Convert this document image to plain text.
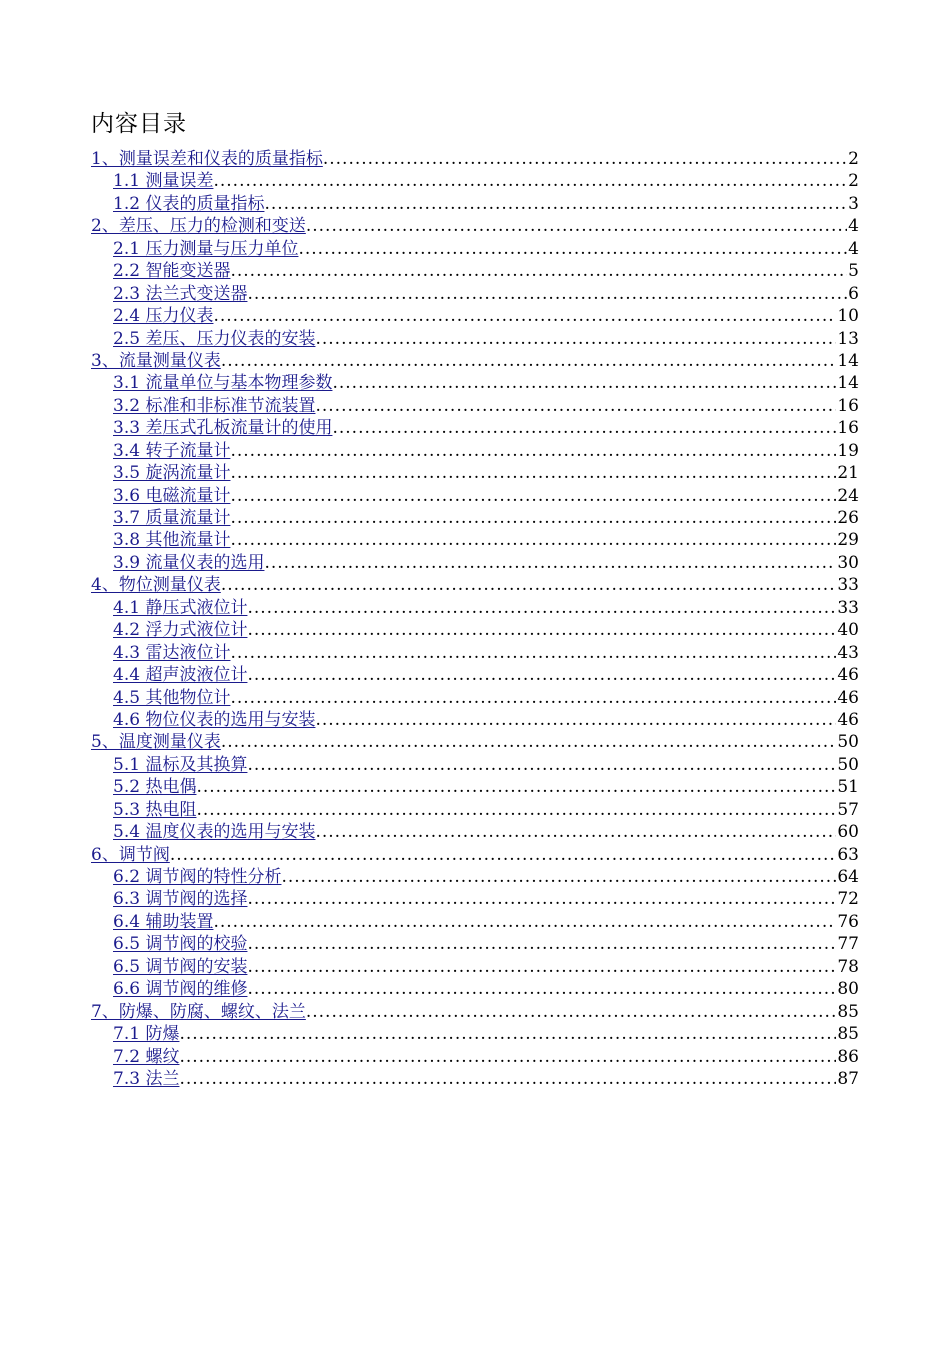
内容目录
1、测量误差和仪表的质量指标 .....	2
1.1 测量误差 .....	2
1.2 仪表的质量指标 .....	3
2、差压、压力的检测和变送 .....	4
2.1 压力测量与压力单位 .....	4
2.2 智能变送器 .....	5
2.3 法兰式变送器 .....	6
2.4 压力仪表 .....	10
2.5 差压、压力仪表的安装 .....	13
3、流量测量仪表 .....	14
3.1 流量单位与基本物理参数 .....	14
3.2 标准和非标准节流装置 .....	16
3.3 差压式孔板流量计的使用 .....	16
3.4 转子流量计 .....	19
3.5 旋涡流量计 .....	21
3.6 电磁流量计 .....	24
3.7 质量流量计 .....	26
3.8 其他流量计 .....	29
3.9 流量仪表的选用 .....	30
4、物位测量仪表 .....	33
4.1 静压式液位计 .....	33
4.2 浮力式液位计 .....	40
4.3 雷达液位计 .....	43
4.4 超声波液位计 .....	46
4.5 其他物位计 .....	46
4.6 物位仪表的选用与安装 .....	46
5、温度测量仪表 .....	50
5.1 温标及其换算 .....	50
5.2 热电偶 .....	51
5.3 热电阻 .....	57
5.4 温度仪表的选用与安装 .....	60
6、调节阀 .....	63
6.2 调节阀的特性分析 .....	64
6.3 调节阀的选择 .....	72
6.4 辅助装置 .....	76
6.5 调节阀的校验 .....	77
6.5 调节阀的安装 .....	78
6.6 调节阀的维修 .....	80
7、防爆、防腐、螺纹、法兰 .....	85
7.1 防爆 .....	85
7.2 螺纹 .....	86
7.3 法兰 .....	87
